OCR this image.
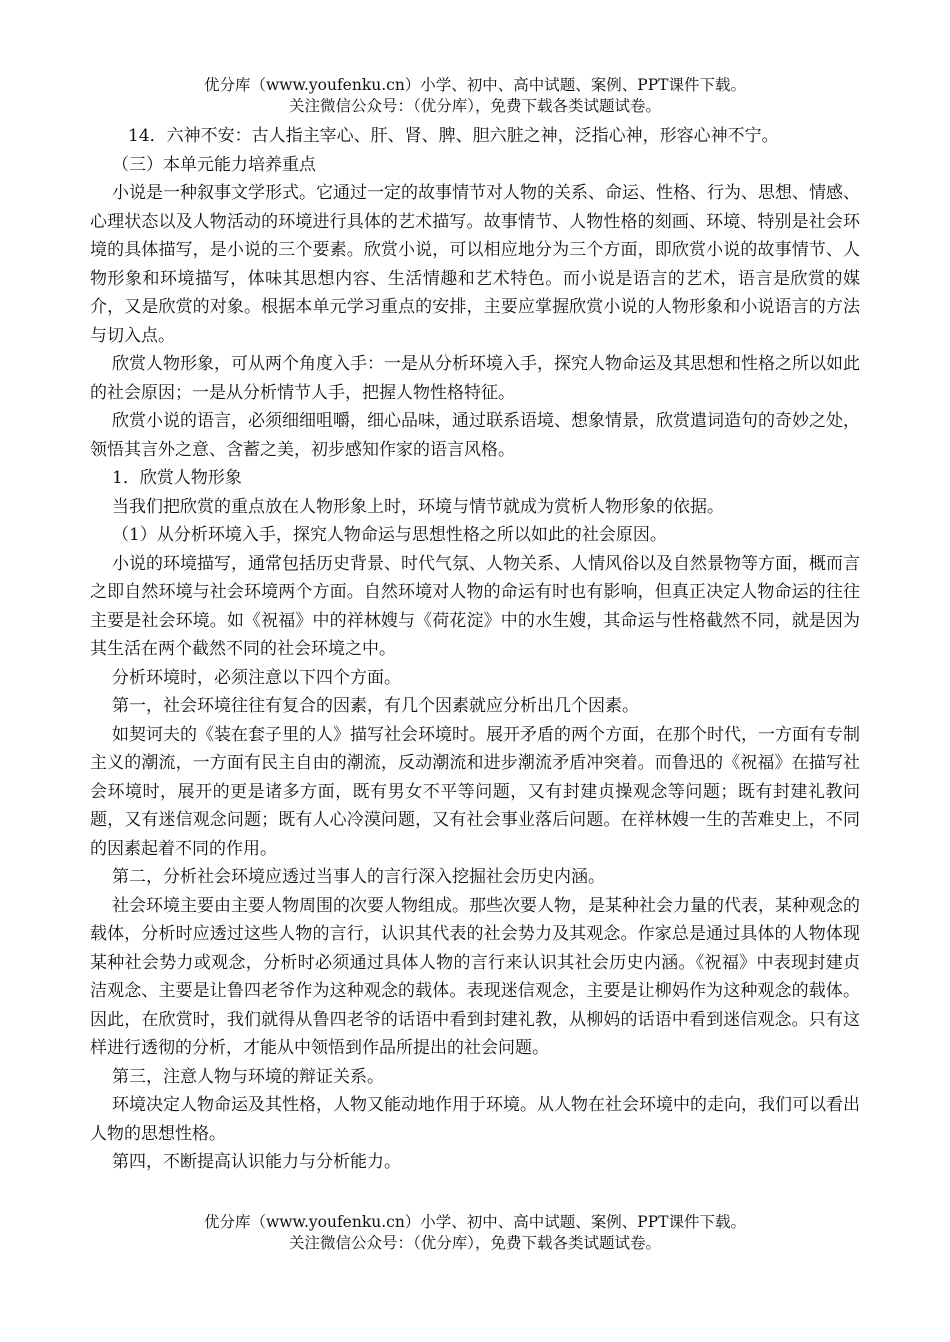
优分库（www.youfenku.cn）小学、初中、高中试题、案例、PPT课件下载。
关注微信公众号：（优分库），免费下载各类试题试卷。

14．六神不安：古人指主宰心、肝、肾、脾、胆六脏之神，泛指心神，形容心神不宁。

（三）本单元能力培养重点

小说是一种叙事文学形式。它通过一定的故事情节对人物的关系、命运、性格、行为、思想、情感、心理状态以及人物活动的环境进行具体的艺术描写。故事情节、人物性格的刻画、环境、特别是社会环境的具体描写，是小说的三个要素。欣赏小说，可以相应地分为三个方面，即欣赏小说的故事情节、人物形象和环境描写，体味其思想内容、生活情趣和艺术特色。而小说是语言的艺术，语言是欣赏的媒介，又是欣赏的对象。根据本单元学习重点的安排，主要应掌握欣赏小说的人物形象和小说语言的方法与切入点。

欣赏人物形象，可从两个角度入手：一是从分析环境入手，探究人物命运及其思想和性格之所以如此的社会原因；一是从分析情节人手，把握人物性格特征。

欣赏小说的语言，必须细细咀嚼，细心品味，通过联系语境、想象情景，欣赏遣词造句的奇妙之处，领悟其言外之意、含蓄之美，初步感知作家的语言风格。

1．欣赏人物形象

当我们把欣赏的重点放在人物形象上时，环境与情节就成为赏析人物形象的依据。

（1）从分析环境入手，探究人物命运与思想性格之所以如此的社会原因。

小说的环境描写，通常包括历史背景、时代气氛、人物关系、人情风俗以及自然景物等方面，概而言之即自然环境与社会环境两个方面。自然环境对人物的命运有时也有影响，但真正决定人物命运的往往主要是社会环境。如《祝福》中的祥林嫂与《荷花淀》中的水生嫂，其命运与性格截然不同，就是因为其生活在两个截然不同的社会环境之中。

分析环境时，必须注意以下四个方面。

第一，社会环境往往有复合的因素，有几个因素就应分析出几个因素。

如契诃夫的《装在套子里的人》描写社会环境时。展开矛盾的两个方面，在那个时代，一方面有专制主义的潮流，一方面有民主自由的潮流，反动潮流和进步潮流矛盾冲突着。而鲁迅的《祝福》在描写社会环境时，展开的更是诸多方面，既有男女不平等问题，又有封建贞操观念等问题；既有封建礼教问题，又有迷信观念问题；既有人心冷漠问题，又有社会事业落后问题。在祥林嫂一生的苦难史上，不同的因素起着不同的作用。

第二，分析社会环境应透过当事人的言行深入挖掘社会历史内涵。

社会环境主要由主要人物周围的次要人物组成。那些次要人物，是某种社会力量的代表，某种观念的载体，分析时应透过这些人物的言行，认识其代表的社会势力及其观念。作家总是通过具体的人物体现某种社会势力或观念，分析时必须通过具体人物的言行来认识其社会历史内涵。《祝福》中表现封建贞洁观念、主要是让鲁四老爷作为这种观念的载体。表现迷信观念，主要是让柳妈作为这种观念的载体。因此，在欣赏时，我们就得从鲁四老爷的话语中看到封建礼教，从柳妈的话语中看到迷信观念。只有这样进行透彻的分析，才能从中领悟到作品所提出的社会问题。

第三，注意人物与环境的辩证关系。

环境决定人物命运及其性格，人物又能动地作用于环境。从人物在社会环境中的走向，我们可以看出人物的思想性格。

第四，不断提高认识能力与分析能力。

优分库（www.youfenku.cn）小学、初中、高中试题、案例、PPT课件下载。
关注微信公众号：（优分库），免费下载各类试题试卷。
